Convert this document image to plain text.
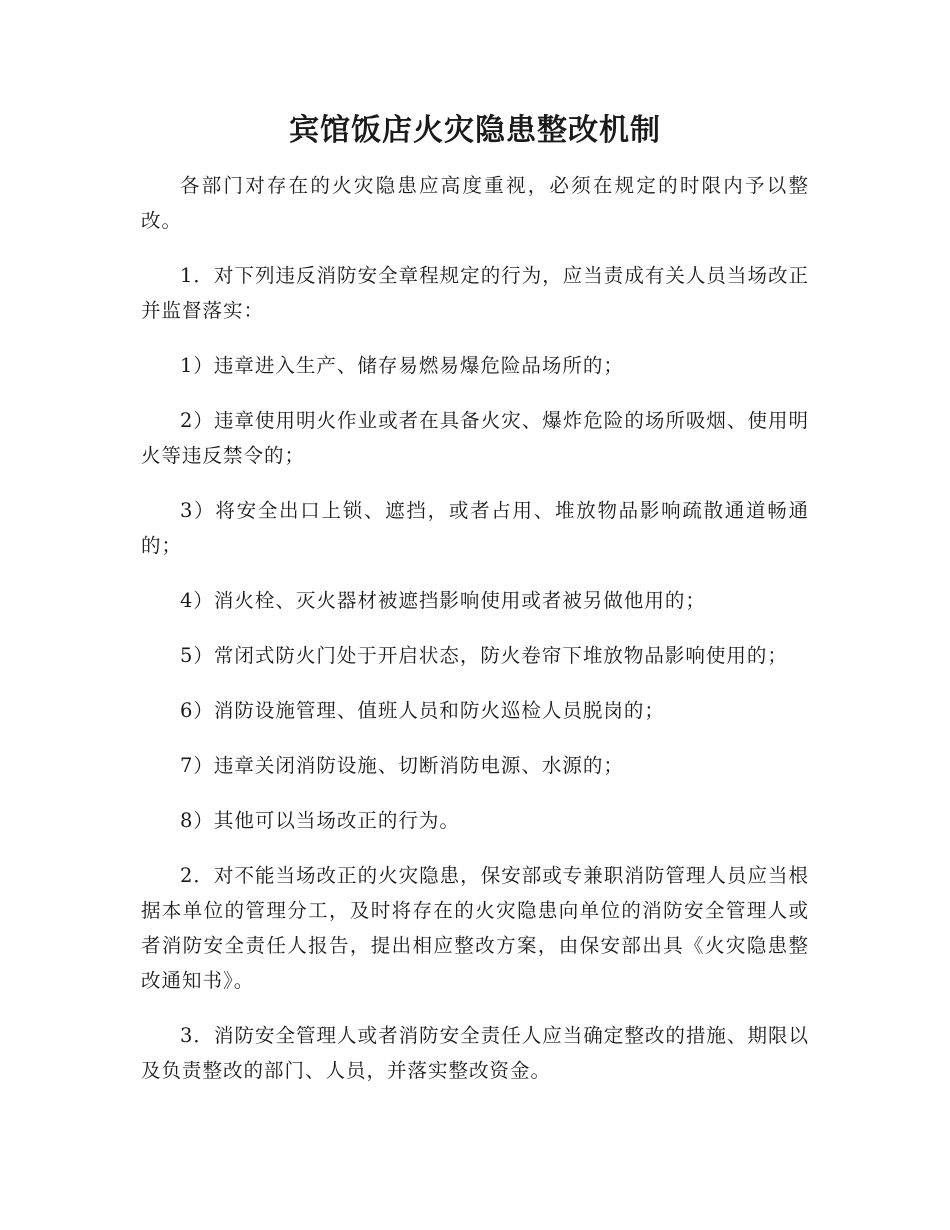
宾馆饭店火灾隐患整改机制

各部门对存在的火灾隐患应高度重视，必须在规定的时限内予以整改。

1．对下列违反消防安全章程规定的行为，应当责成有关人员当场改正并监督落实：

1）违章进入生产、储存易燃易爆危险品场所的；

2）违章使用明火作业或者在具备火灾、爆炸危险的场所吸烟、使用明火等违反禁令的；

3）将安全出口上锁、遮挡，或者占用、堆放物品影响疏散通道畅通的；

4）消火栓、灭火器材被遮挡影响使用或者被另做他用的；

5）常闭式防火门处于开启状态，防火卷帘下堆放物品影响使用的；

6）消防设施管理、值班人员和防火巡检人员脱岗的；

7）违章关闭消防设施、切断消防电源、水源的；

8）其他可以当场改正的行为。

2．对不能当场改正的火灾隐患，保安部或专兼职消防管理人员应当根据本单位的管理分工，及时将存在的火灾隐患向单位的消防安全管理人或者消防安全责任人报告，提出相应整改方案，由保安部出具《火灾隐患整改通知书》。

3．消防安全管理人或者消防安全责任人应当确定整改的措施、期限以及负责整改的部门、人员，并落实整改资金。
